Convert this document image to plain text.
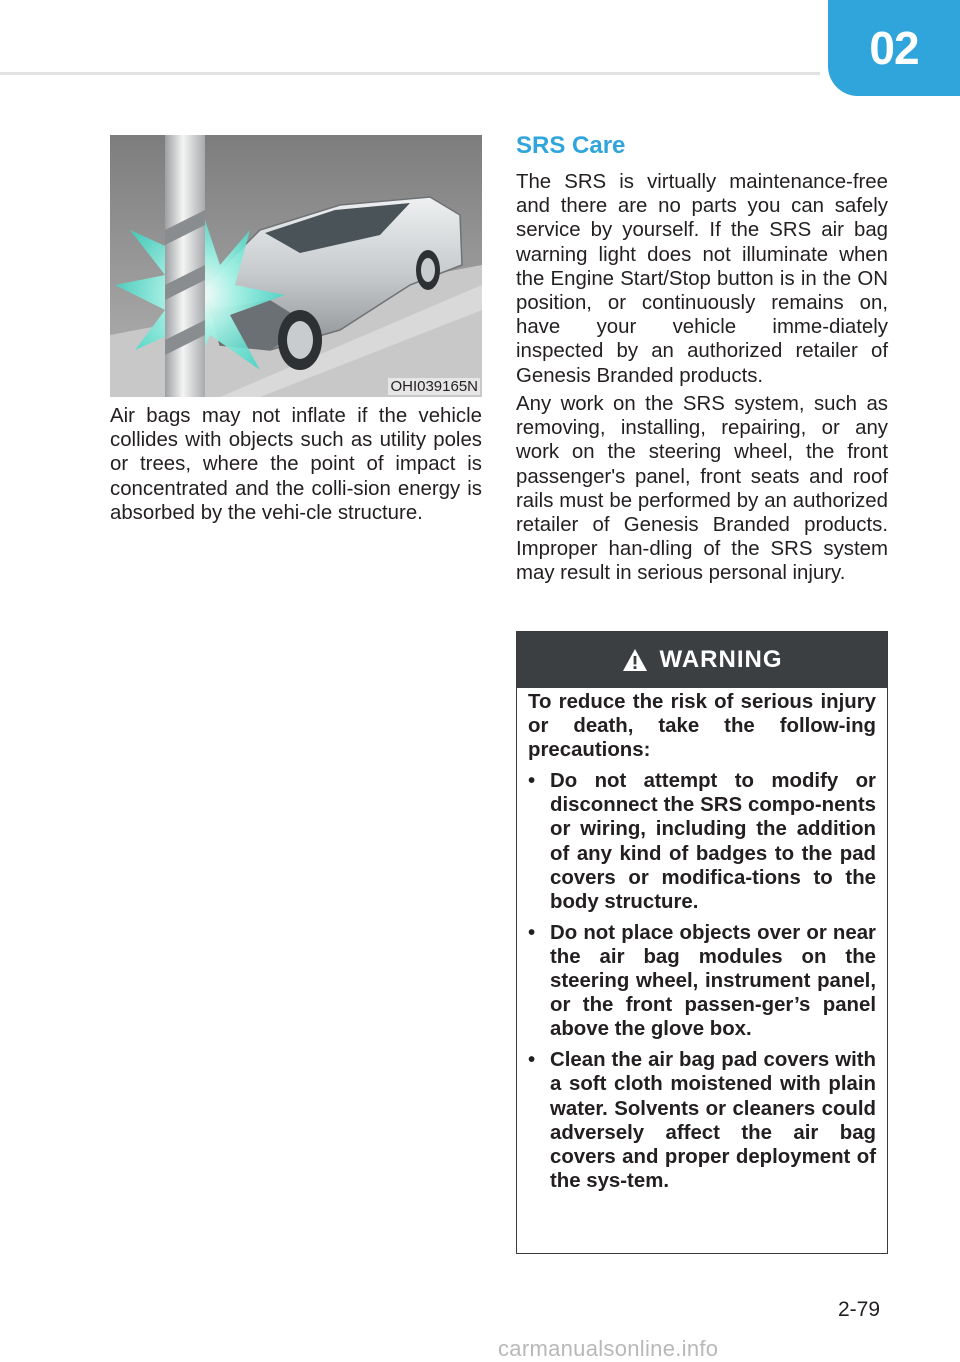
02
OHI039165N

Air bags may not inflate if the vehicle collides with objects such as utility poles or trees, where the point of impact is concentrated and the colli-sion energy is absorbed by the vehi-cle structure.

SRS Care

The SRS is virtually maintenance-free and there are no parts you can safely service by yourself. If the SRS air bag warning light does not illuminate when the Engine Start/Stop button is in the ON position, or continuously remains on, have your vehicle imme-diately inspected by an authorized retailer of Genesis Branded products.

Any work on the SRS system, such as removing, installing, repairing, or any work on the steering wheel, the front passenger's panel, front seats and roof rails must be performed by an authorized retailer of Genesis Branded products. Improper han-dling of the SRS system may result in serious personal injury.

WARNING

To reduce the risk of serious injury or death, take the follow-ing precautions:

• Do not attempt to modify or disconnect the SRS compo-nents or wiring, including the addition of any kind of badges to the pad covers or modifica-tions to the body structure.
• Do not place objects over or near the air bag modules on the steering wheel, instrument panel, or the front passen-ger’s panel above the glove box.
• Clean the air bag pad covers with a soft cloth moistened with plain water. Solvents or cleaners could adversely affect the air bag covers and proper deployment of the sys-tem.
2-79
carmanualsonline.info
